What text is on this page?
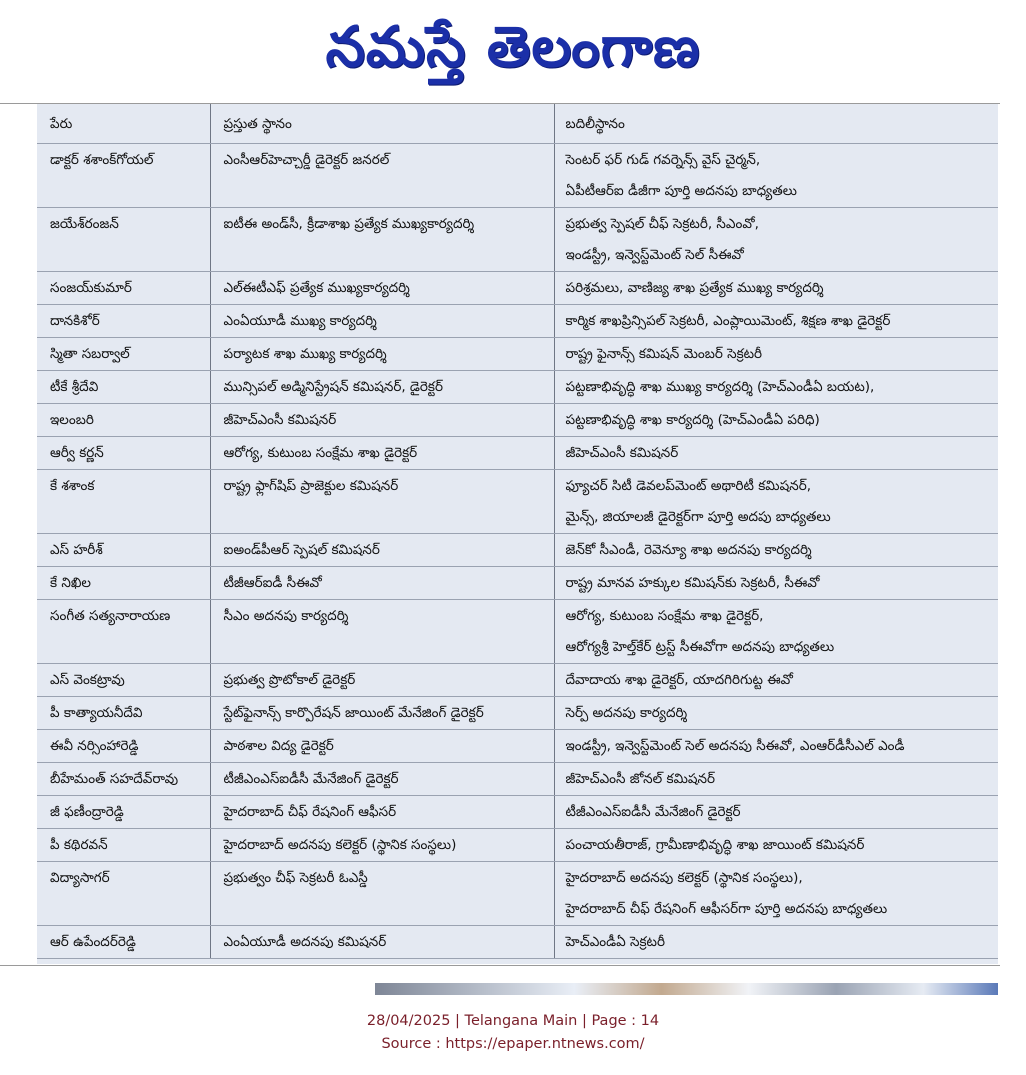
నమస్తే తెలంగాణ
పేరు	ప్రస్తుత స్థానం	బదిలీస్థానం
డాక్టర్ శశాంక్‌గోయల్	ఎంసీఆర్‌హెచ్చార్డీ డైరెక్టర్ జనరల్	సెంటర్ ఫర్ గుడ్ గవర్నెన్స్ వైస్ చైర్మన్,
ఏపీటీఆర్ఐ డీజీగా పూర్తి అదనపు బాధ్యతలు

జయేశ్‌రంజన్	ఐటీఈ అండ్‌సీ, క్రీడాశాఖ ప్రత్యేక ముఖ్యకార్యదర్శి	ప్రభుత్వ స్పెషల్ చీఫ్ సెక్రటరీ, సీఎంవో,
ఇండస్ట్రీ, ఇన్వెస్ట్‌మెంట్ సెల్ సీఈవో

సంజయ్‌కుమార్	ఎల్ఈటీఎఫ్ ప్రత్యేక ముఖ్యకార్యదర్శి	పరిశ్రమలు, వాణిజ్య శాఖ ప్రత్యేక ముఖ్య కార్యదర్శి

దానకిశోర్	ఎంఏయూడీ ముఖ్య కార్యదర్శి	కార్మిక శాఖప్రిన్సిపల్ సెక్రటరీ, ఎంప్లాయిమెంట్, శిక్షణ శాఖ డైరెక్టర్

స్మితా సబర్వాల్	పర్యాటక శాఖ ముఖ్య కార్యదర్శి	రాష్ట్ర ఫైనాన్స్ కమిషన్ మెంబర్ సెక్రటరీ

టీకే శ్రీదేవి	మున్సిపల్ అడ్మినిస్ట్రేషన్ కమిషనర్, డైరెక్టర్	పట్టణాభివృద్ధి శాఖ ముఖ్య కార్యదర్శి (హెచ్ఎండీఏ బయట),

ఇలంబరి	జీహెచ్ఎంసీ కమిషనర్	పట్టణాభివృద్ధి శాఖ కార్యదర్శి (హెచ్ఎండీఏ పరిధి)

ఆర్వీ కర్ణన్	ఆరోగ్య, కుటుంబ సంక్షేమ శాఖ డైరెక్టర్	జీహెచ్ఎంసీ కమిషనర్

కే శశాంక	రాష్ట్ర ఫ్లాగ్‌షిప్ ప్రాజెక్టుల కమిషనర్	ఫ్యూచర్ సిటీ డెవలప్‌మెంట్ అథారిటీ కమిషనర్,
మైన్స్, జియాలజీ డైరెక్టర్‌గా పూర్తి అదపు బాధ్యతలు

ఎస్ హరీశ్	ఐఅండ్‌పీఆర్ స్పెషల్ కమిషనర్	జెన్‌కో సీఎండీ, రెవెన్యూ శాఖ అదనపు కార్యదర్శి

కే నిఖిల	టీజీఆర్ఐడీ సీఈవో	రాష్ట్ర మానవ హక్కుల కమిషన్‌కు సెక్రటరీ, సీఈవో

సంగీత సత్యనారాయణ	సీఎం అదనపు కార్యదర్శి	ఆరోగ్య, కుటుంబ సంక్షేమ శాఖ డైరెక్టర్,
ఆరోగ్యశ్రీ హెల్త్‌కేర్ ట్రస్ట్ సీఈవోగా అదనపు బాధ్యతలు

ఎస్ వెంకట్రావు	ప్రభుత్వ ప్రొటోకాల్ డైరెక్టర్	దేవాదాయ శాఖ డైరెక్టర్, యాదగిరిగుట్ట ఈవో

పీ కాత్యాయనీదేవి	స్టేట్‌ఫైనాన్స్ కార్పొరేషన్ జాయింట్ మేనేజింగ్ డైరెక్టర్	సెర్ప్ అదనపు కార్యదర్శి

ఈవీ నర్సింహారెడ్డి	పాఠశాల విద్య డైరెక్టర్	ఇండస్ట్రీ, ఇన్వెస్ట్‌మెంట్ సెల్ అదనపు సీఈవో, ఎంఆర్‌డీసీఎల్ ఎండీ

బీహేమంత్ సహదేవ్‌రావు	టీజీఎంఎస్ఐడీసీ మేనేజింగ్ డైరెక్టర్	జీహెచ్ఎంసీ జోనల్ కమిషనర్

జీ ఫణీంద్రారెడ్డి	హైదరాబాద్ చీఫ్ రేషనింగ్ ఆఫీసర్	టీజీఎంఎస్ఐడీసీ మేనేజింగ్ డైరెక్టర్

పీ కథిరవన్	హైదరాబాద్ అదనపు కలెక్టర్ (స్థానిక సంస్థలు)	పంచాయతీరాజ్, గ్రామీణాభివృద్ధి శాఖ జాయింట్ కమిషనర్

విద్యాసాగర్	ప్రభుత్వం చీఫ్ సెక్రటరీ ఓఎస్డీ	హైదరాబాద్ అదనపు కలెక్టర్ (స్థానిక సంస్థలు),
హైదరాబాద్ చీఫ్ రేషనింగ్ ఆఫీసర్‌గా పూర్తి అదనపు బాధ్యతలు

ఆర్ ఉపేందర్‌రెడ్డి	ఎంఏయూడీ అదనపు కమిషనర్	హెచ్ఎండీఏ సెక్రటరీ
28/04/2025 | Telangana Main | Page : 14
Source : https://epaper.ntnews.com/
